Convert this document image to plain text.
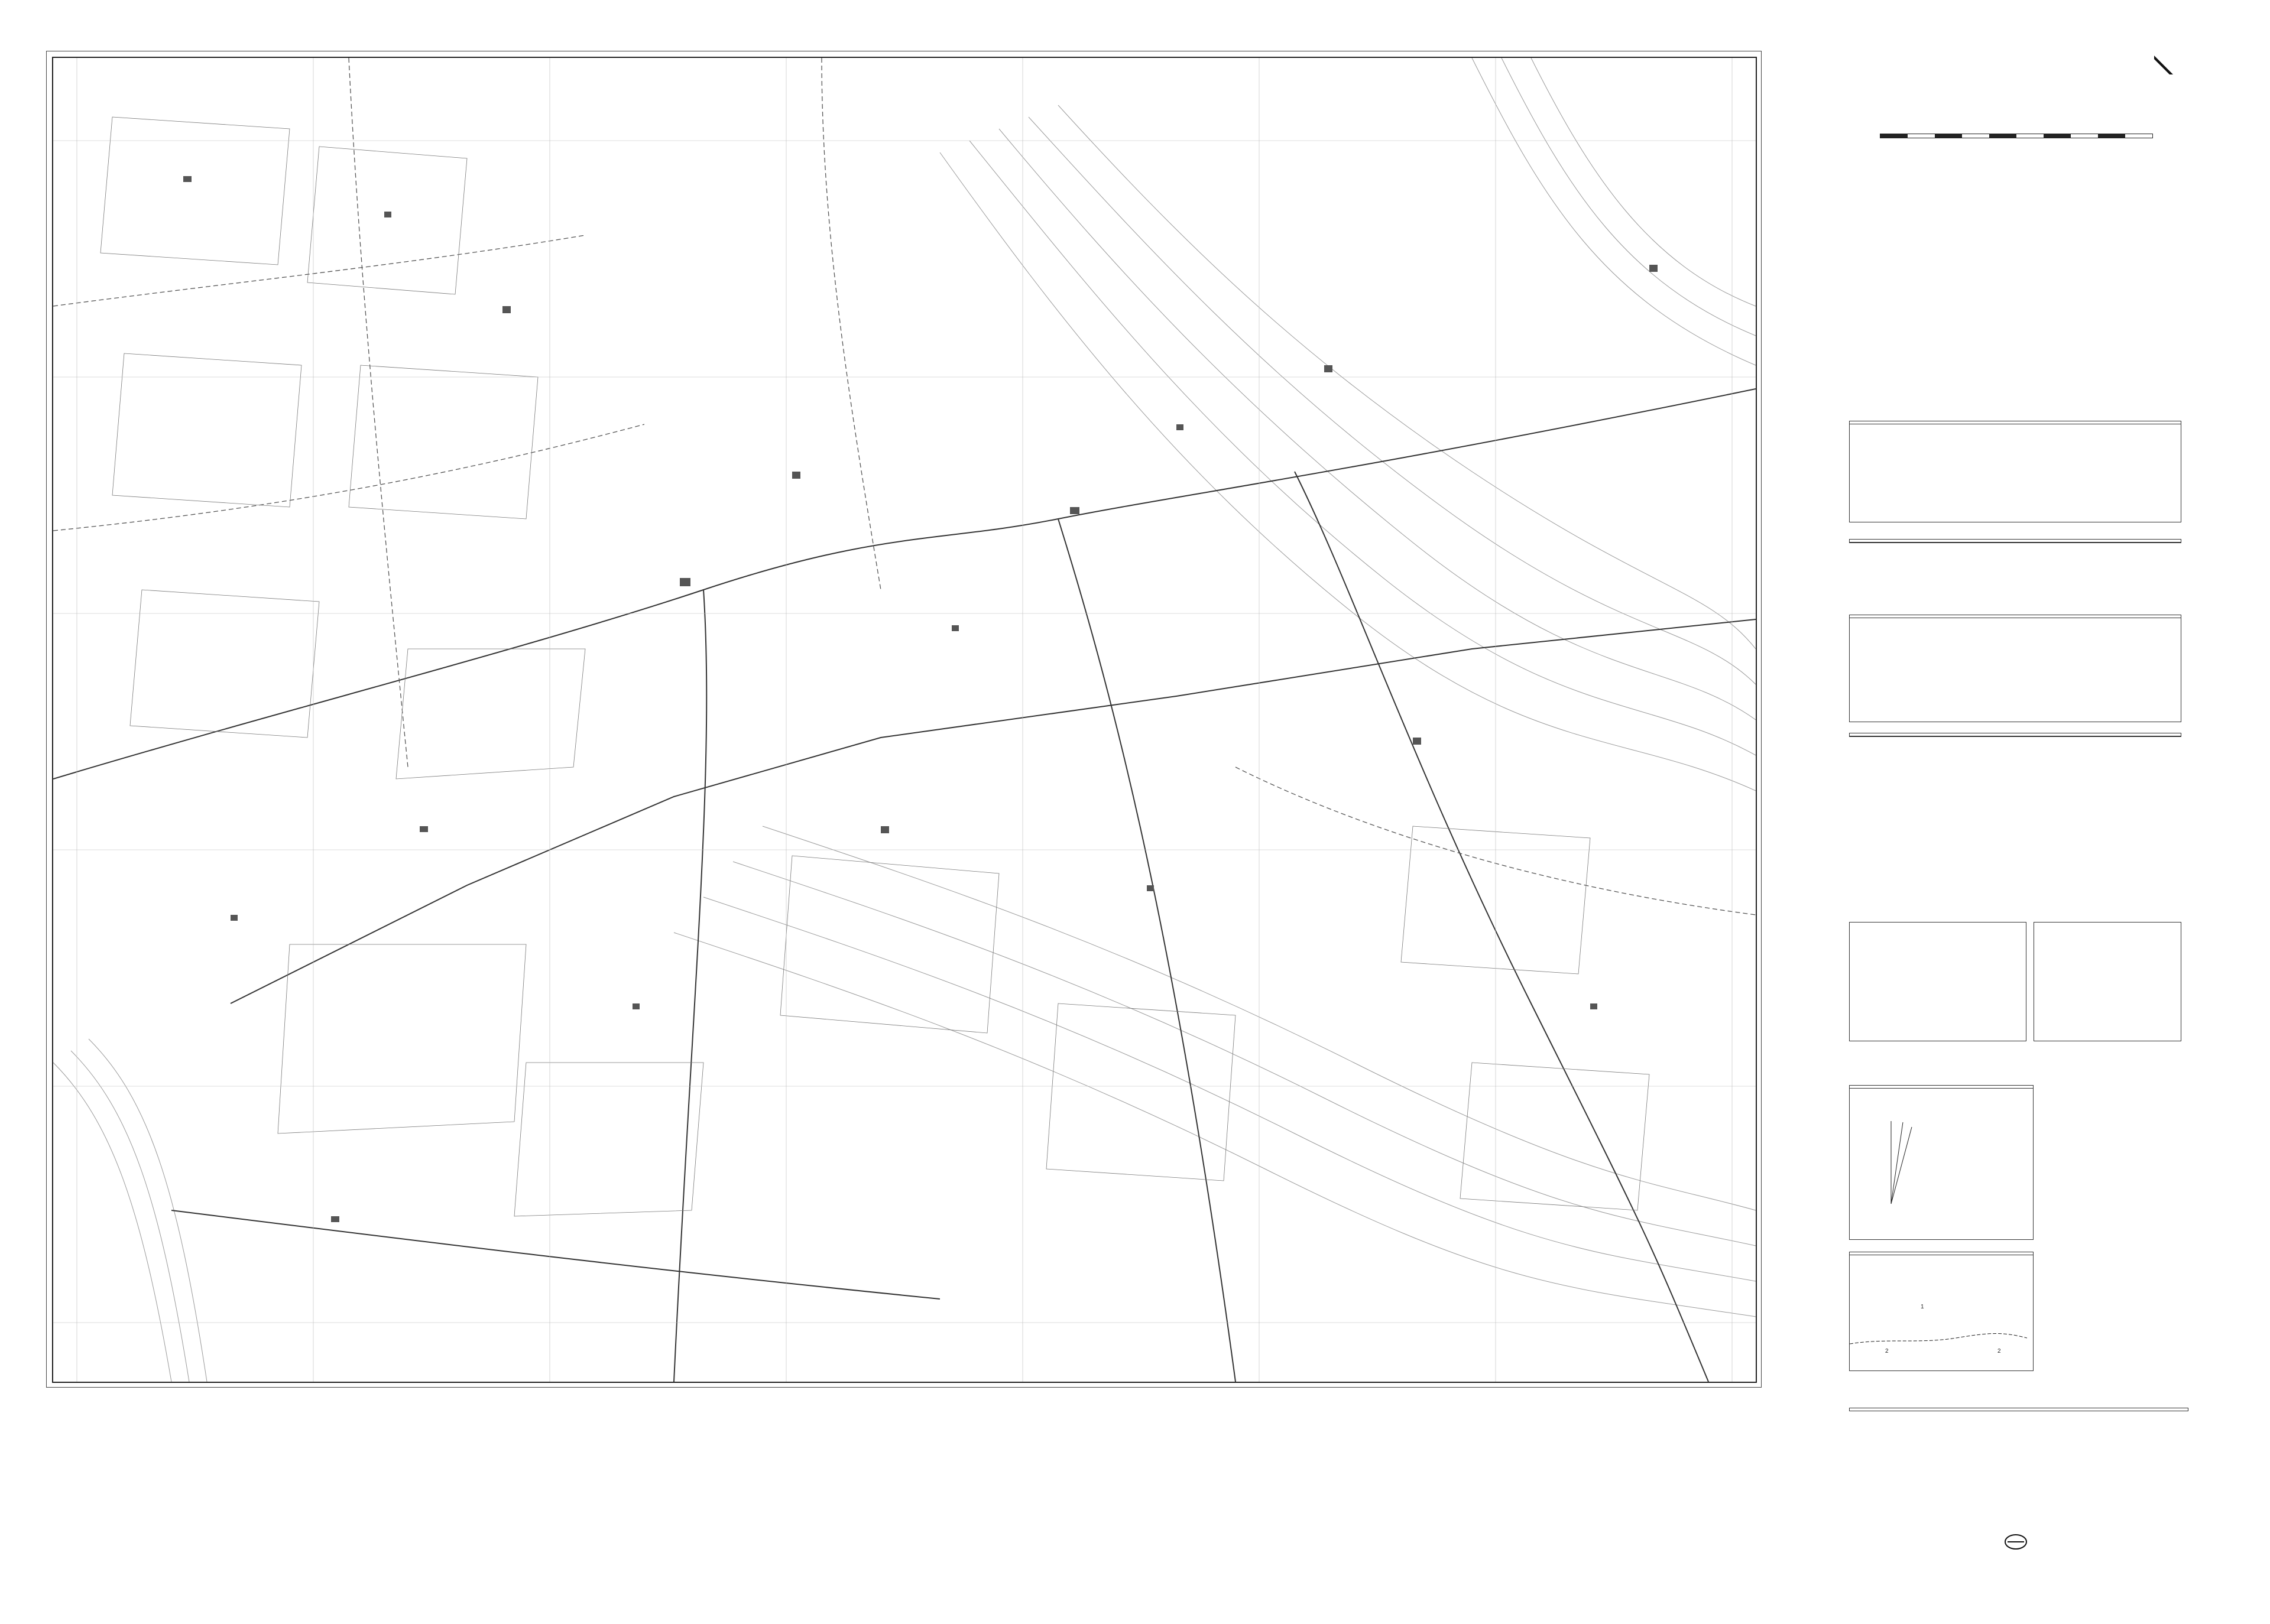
1
2	2
